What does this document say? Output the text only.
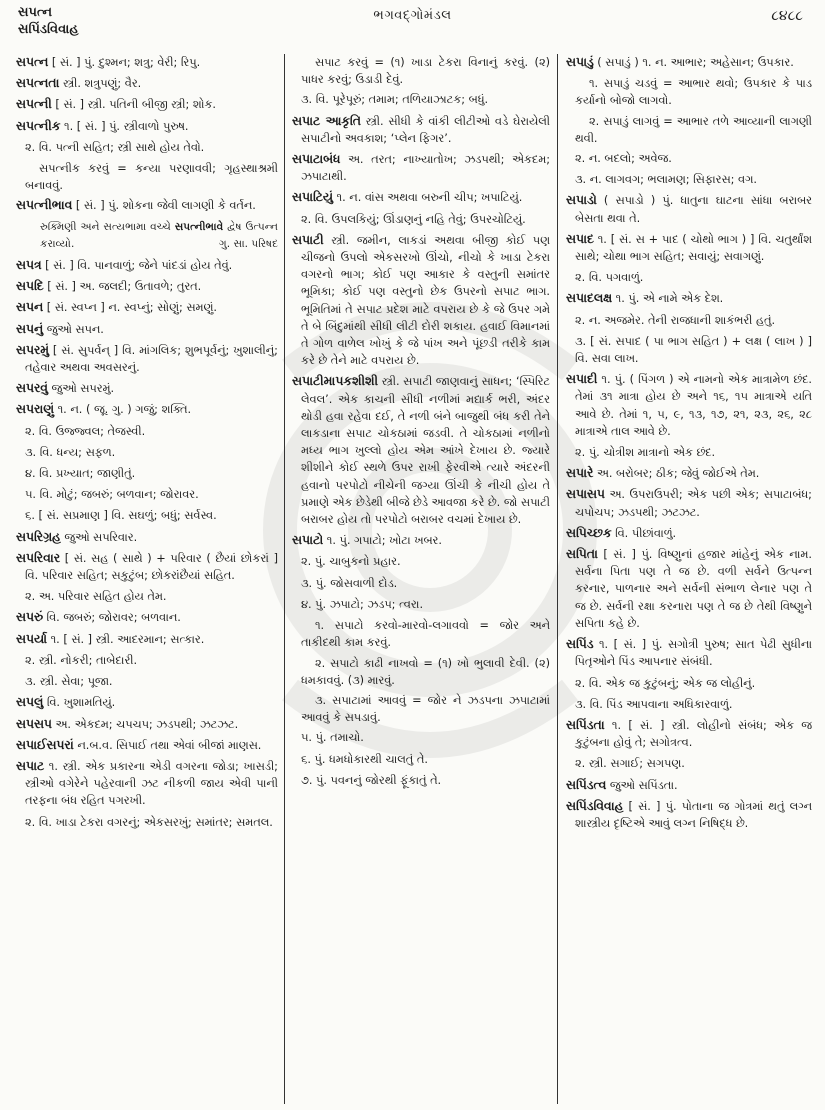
સપત્ન
સપિંડવિવાહ
ભગવદ્‌ગોમંડલ	૮૪૮૮
સપત્ન [ સં. ] પું. દુશ્મન; શત્રુ; વેરી; રિપુ.
સપત્નતા સ્ત્રી. શત્રુપણું; વૈર.
સપત્ની [ સં. ] સ્ત્રી. પતિની બીજી સ્ત્રી; શોક.
સપત્નીક ૧. [ સં. ] પું. સ્ત્રીવાળો પુરુષ.
૨. વિ. પત્ની સહિત; સ્ત્રી સાથે હોય તેવો.
સપત્નીક કરવું = કન્યા પરણાવવી; ગૃહસ્થાશ્રમી બનાવવું.
સપત્નીભાવ [ સં. ] પું. શોકના જેવી લાગણી કે વર્તન.
રુક્મિણી અને સત્યભામા વચ્ચે સપત્નીભાવે દ્વેષ ઉત્પન્ન કરાવ્યો.	ગુ. સા. પરિષદ
સપત્ર [ સં. ] વિ. પાનવાળું; જેને પાંદડાં હોય તેવું.
સપદિ [ સં. ] અ. જલદી; ઉતાવળે; તુરત.
સપન [ સં. સ્વપ્ન ] ન. સ્વપ્નું; સોણું; સમણું.
સપનું જુઓ સપન.
સપરમું [ સં. સુપર્વન્ ] વિ. માંગલિક; શુભપૂર્વનું; ખુશાલીનું; તહેવાર અથવા અવસરનું.
સપરવું જુઓ સપરમું.
સપરાણું ૧. ન. ( જૂ. ગુ. ) ગજું; શક્તિ.
૨. વિ. ઉજ્જ્વલ; તેજસ્વી.
૩. વિ. ધન્ય; સફળ.
૪. વિ. પ્રખ્યાત; જાણીતું.
૫. વિ. મોટું; જબરું; બળવાન; જોરાવર.
૬. [ સં. સપ્રમાણ ] વિ. સઘળું; બધું; સર્વસ્વ.
સપરિગ્રહ જુઓ સપરિવાર.
સપરિવાર [ સં. સહ ( સાથે ) + પરિવાર ( છૈયાં છોકરાં ] વિ. પરિવાર સહિત; સકુટુંબ; છોકરાંછૈયાં સહિત.
૨. અ. પરિવાર સહિત હોય તેમ.
સપરું વિ. જબરું; જોરાવર; બળવાન.
સપર્યા ૧. [ સં. ] સ્ત્રી. આદરમાન; સત્કાર.
૨. સ્ત્રી. નોકરી; તાબેદારી.
૩. સ્ત્રી. સેવા; પૂજા.
સપલું વિ. ખુશામતિયું.
સપસપ અ. એકદમ; ચપચપ; ઝડપથી; ઝટઝટ.
સપાઈસપરાં ન.બ.વ. સિપાઈ તથા એવાં બીજાં માણસ.
સપાટ ૧. સ્ત્રી. એક પ્રકારના એડી વગરના જોડા; ખાસડી; સ્ત્રીઓ વગેરેને પહેરવાની ઝટ નીકળી જાય એવી પાની તરફના બંધ રહિત પગરખી.
૨. વિ. ખાડા ટેકરા વગરનું; એકસરખું; સમાંતર; સમતલ.
સપાટ કરવું = (૧) ખાડા ટેકરા વિનાનું કરવું. (૨) પાધર કરવું; ઉડાડી દેવું.
૩. વિ. પૂરેપૂરું; તમામ; તળિયાઝાટક; બધું.
સપાટ આકૃતિ સ્ત્રી. સીધી કે વાંકી લીટીઓ વડે ઘેરાયેલી સપાટીનો અવકાશ; ‘પ્લેન ફિગર’.
સપાટાબંધ અ. તરત; નાખ્યાતોખ; ઝડપથી; એકદમ; ઝપાટાથી.
સપાટિયું ૧. ન. વાંસ અથવા બરુની ચીપ; ખપાટિયું.
૨. વિ. ઉપલકિયું; ઊંડાણનું નહિ તેવું; ઉપરચોટિયું.
સપાટી સ્ત્રી. જમીન, લાકડાં અથવા બીજી કોઈ પણ ચીજનો ઉપલો એકસરખો ઊંચો, નીચો કે ખાડા ટેકરા વગરનો ભાગ; કોઈ પણ આકાર કે વસ્તુની સમાંતર ભૂમિકા; કોઈ પણ વસ્તુનો છેક ઉપરનો સપાટ ભાગ. ભૂમિતિમાં તે સપાટ પ્રદેશ માટે વપરાય છે કે જે ઉપર ગમે તે બે બિંદુમાંથી સીધી લીટી દોરી શકાય. હવાઈ વિમાનમાં તે ગોળ વાળેલ ખોખું કે જે પાંખ અને પૂંછડી તરીકે કામ કરે છે તેને માટે વપરાય છે.
સપાટીમાપકશીશી સ્ત્રી. સપાટી જાણવાનું સાધન; ‘સ્પિરિટ લેવલ’. એક કાચની સીધી નળીમાં મદ્યાર્ક ભરી, અંદર થોડી હવા રહેવા દઈ, તે નળી બંને બાજુથી બંધ કરી તેને લાકડાના સપાટ ચોકઠામાં જડવી. તે ચોકઠામાં નળીનો મધ્ય ભાગ ખુલ્લો હોય એમ આંખે દેખાય છે. જ્યારે શીશીને કોઈ સ્થળે ઉપર રાખી ફેરવીએ ત્યારે અંદરની હવાનો પરપોટો નીચેની જગ્યા ઊંચી કે નીચી હોય તે પ્રમાણે એક છેડેથી બીજે છેડે આવજા કરે છે. જો સપાટી બરાબર હોય તો પરપોટો બરાબર વચમાં દેખાય છે.
સપાટો ૧. પું. ગપાટો; ખોટા ખબર.
૨. પું. ચાબુકનો પ્રહાર.
૩. પું. જોસવાળી દોડ.
૪. પું. ઝપાટો; ઝડપ; ત્વરા.
૧. સપાટો કરવો-મારવો-લગાવવો = જોર અને તાકીદથી કામ કરવું.
૨. સપાટો કાઢી નાખવો = (૧) ખો ભુલાવી દેવી. (૨) ધમકાવવું. (૩) મારવું.
૩. સપાટામાં આવવું = જોર ને ઝડપના ઝપાટામાં આવવું કે સપડાવું.
૫. પું. તમાચો.
૬. પું. ધમધોકારથી ચાલતું તે.
૭. પું. પવનનું જોરથી ફૂંકાતું તે.
સપાડું ( સપાડું ) ૧. ન. આભાર; અહેસાન; ઉપકાર.
૧. સપાડું ચડવું = આભાર થવો; ઉપકાર કે પાડ કર્યાનો બોજો લાગવો.
૨. સપાડું લાગવું = આભાર તળે આવ્યાની લાગણી થવી.
૨. ન. બદલો; અવેજ.
૩. ન. લાગવગ; ભલામણ; સિફારસ; વગ.
સપાડો ( સપાડો ) પું. ધાતુના ઘાટના સાંધા બરાબર બેસતા થવા તે.
સપાદ ૧. [ સં. સ + પાદ ( ચોથો ભાગ ) ] વિ. ચતુર્થાંશ સાથે; ચોથા ભાગ સહિત; સવાયું; સવાગણું.
૨. વિ. પગવાળું.
સપાદલક્ષ ૧. પું. એ નામે એક દેશ.
૨. ન. અજમેર. તેની રાજધાની શાકંભરી હતું.
૩. [ સં. સપાદ ( પા ભાગ સહિત ) + લક્ષ ( લાખ ) ] વિ. સવા લાખ.
સપાદી ૧. પું. ( પિંગળ ) એ નામનો એક માત્રામેળ છંદ. તેમાં ૩૧ માત્રા હોય છે અને ૧૬, ૧૫ માત્રાએ યતિ આવે છે. તેમાં ૧, ૫, ૯, ૧૩, ૧૭, ૨૧, ૨૩, ૨૬, ૨૮ માત્રાએ તાલ આવે છે.
૨. પું. ચોત્રીશ માત્રાનો એક છંદ.
સપારે અ. બરોબર; ઠીક; જેવું જોઈએ તેમ.
સપાસપ અ. ઉપરાઉપરી; એક પછી એક; સપાટાબંધ; ચપોચપ; ઝડપથી; ઝટઝટ.
સપિચ્છક વિ. પીછાંવાળું.
સપિતા [ સં. ] પું. વિષ્ણુનાં હજાર માંહેનું એક નામ. સર્વના પિતા પણ તે જ છે. વળી સર્વને ઉત્પન્ન કરનાર, પાળનાર અને સર્વની સંભાળ લેનાર પણ તે જ છે. સર્વની રક્ષા કરનારા પણ તે જ છે તેથી વિષ્ણુને સપિતા કહે છે.
સપિંડ ૧. [ સં. ] પું. સગોત્રી પુરુષ; સાત પેઢી સુધીના પિતૃઓને પિંડ આપનાર સંબંધી.
૨. વિ. એક જ કુટુંબનું; એક જ લોહીનું.
૩. વિ. પિંડ આપવાના અધિકારવાળું.
સપિંડતા ૧. [ સં. ] સ્ત્રી. લોહીનો સંબંધ; એક જ કુટુંબના હોવું તે; સગોત્રત્વ.
૨. સ્ત્રી. સગાઈ; સગપણ.
સપિંડત્વ જુઓ સપિંડતા.
સપિંડવિવાહ [ સં. ] પું. પોતાના જ ગોત્રમાં થતું લગ્ન શાસ્ત્રીય દૃષ્ટિએ આવું લગ્ન નિષિદ્ધ છે.
